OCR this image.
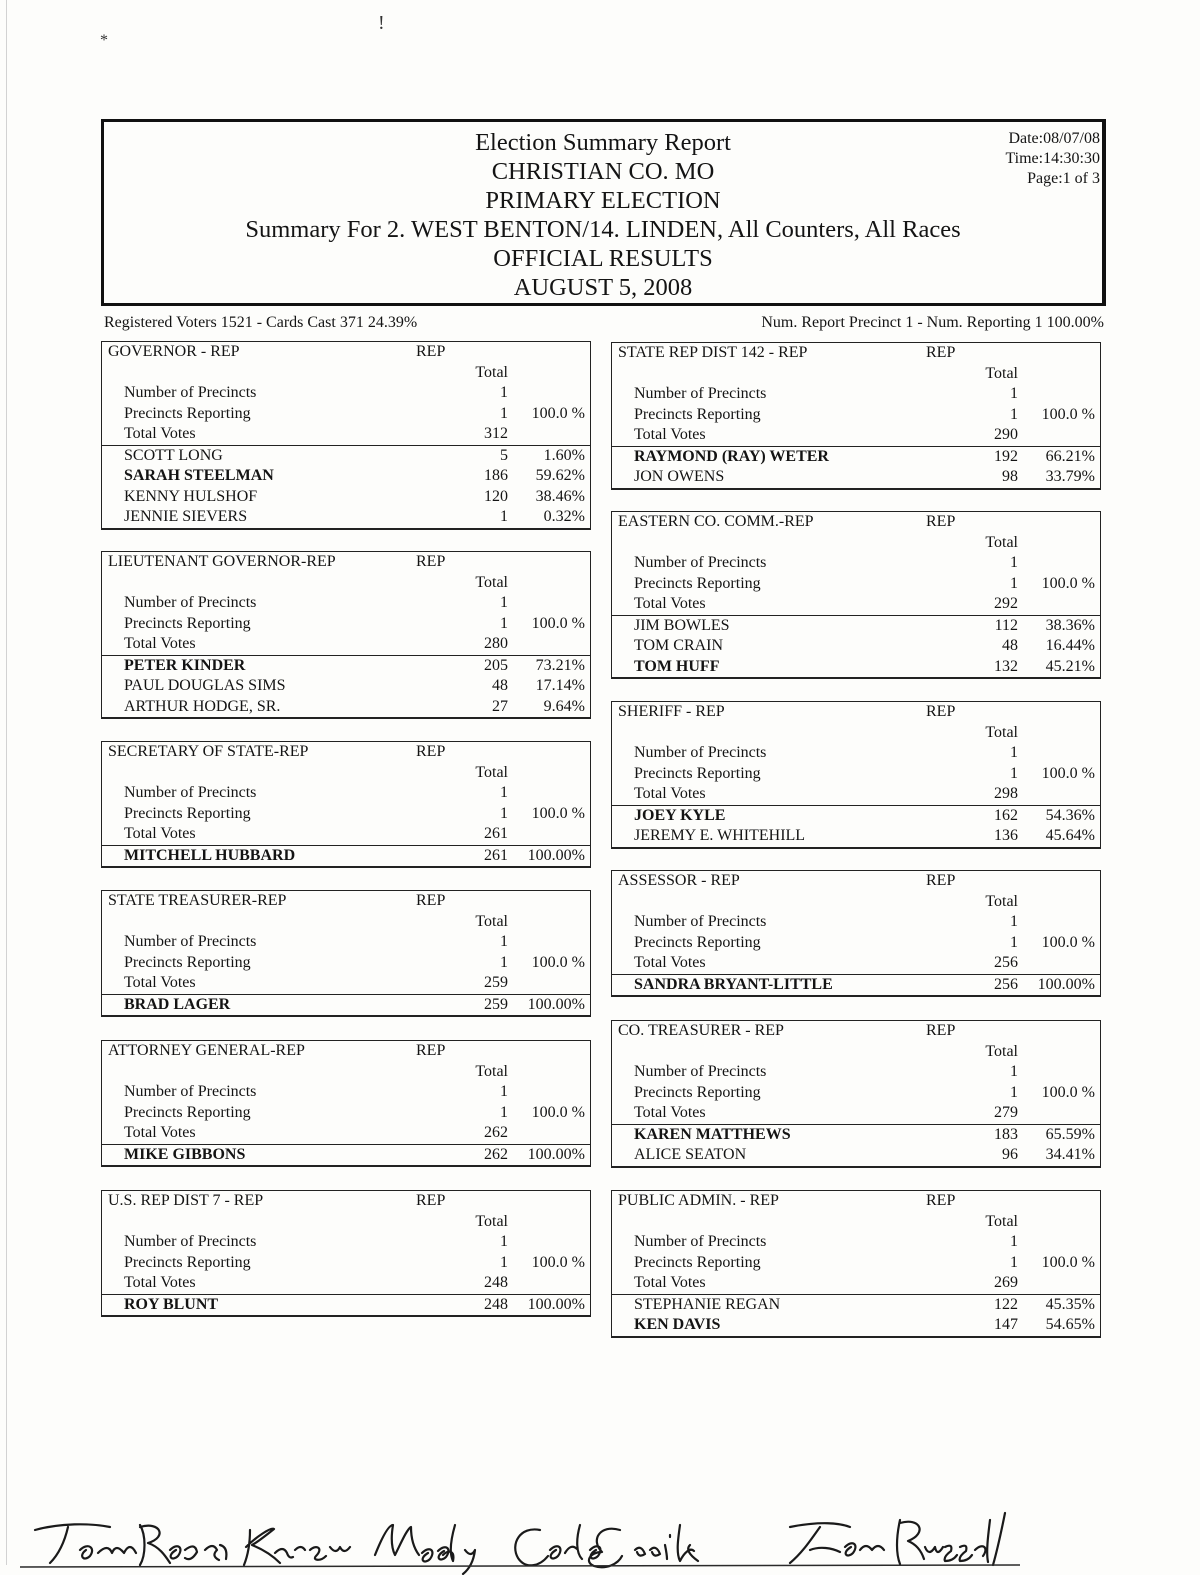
!
*
Election Summary Report
CHRISTIAN CO. MO
PRIMARY ELECTION
Summary For 2. WEST BENTON/14. LINDEN, All Counters, All Races
OFFICIAL RESULTS
AUGUST 5, 2008
Date:08/07/08
Time:14:30:30
Page:1 of 3
Registered Voters 1521 - Cards Cast 371 24.39%	Num. Report Precinct 1 - Num. Reporting 1 100.00%
GOVERNOR - REP	REP
Total
Number of Precincts	1
Precincts Reporting	1 100.0 %
Total Votes	312
SCOTT LONG	5 1.60%
SARAH STEELMAN	186 59.62%
KENNY HULSHOF	120 38.46%
JENNIE SIEVERS	1 0.32%
LIEUTENANT GOVERNOR-REP	REP
Total
Number of Precincts	1
Precincts Reporting	1 100.0 %
Total Votes	280
PETER KINDER	205 73.21%
PAUL DOUGLAS SIMS	48 17.14%
ARTHUR HODGE, SR.	27 9.64%
SECRETARY OF STATE-REP	REP
Total
Number of Precincts	1
Precincts Reporting	1 100.0 %
Total Votes	261
MITCHELL HUBBARD	261 100.00%
STATE TREASURER-REP	REP
Total
Number of Precincts	1
Precincts Reporting	1 100.0 %
Total Votes	259
BRAD LAGER	259 100.00%
ATTORNEY GENERAL-REP	REP
Total
Number of Precincts	1
Precincts Reporting	1 100.0 %
Total Votes	262
MIKE GIBBONS	262 100.00%
U.S. REP DIST 7 - REP	REP
Total
Number of Precincts	1
Precincts Reporting	1 100.0 %
Total Votes	248
ROY BLUNT	248 100.00%
STATE REP DIST 142 - REP	REP
Total
Number of Precincts	1
Precincts Reporting	1 100.0 %
Total Votes	290
RAYMOND (RAY) WETER	192 66.21%
JON OWENS	98 33.79%
EASTERN CO. COMM.-REP	REP
Total
Number of Precincts	1
Precincts Reporting	1 100.0 %
Total Votes	292
JIM BOWLES	112 38.36%
TOM CRAIN	48 16.44%
TOM HUFF	132 45.21%
SHERIFF - REP	REP
Total
Number of Precincts	1
Precincts Reporting	1 100.0 %
Total Votes	298
JOEY KYLE	162 54.36%
JEREMY E. WHITEHILL	136 45.64%
ASSESSOR - REP	REP
Total
Number of Precincts	1
Precincts Reporting	1 100.0 %
Total Votes	256
SANDRA BRYANT-LITTLE	256 100.00%
CO. TREASURER - REP	REP
Total
Number of Precincts	1
Precincts Reporting	1 100.0 %
Total Votes	279
KAREN MATTHEWS	183 65.59%
ALICE SEATON	96 34.41%
PUBLIC ADMIN. - REP	REP
Total
Number of Precincts	1
Precincts Reporting	1 100.0 %
Total Votes	269
STEPHANIE REGAN	122 45.35%
KEN DAVIS	147 54.65%
